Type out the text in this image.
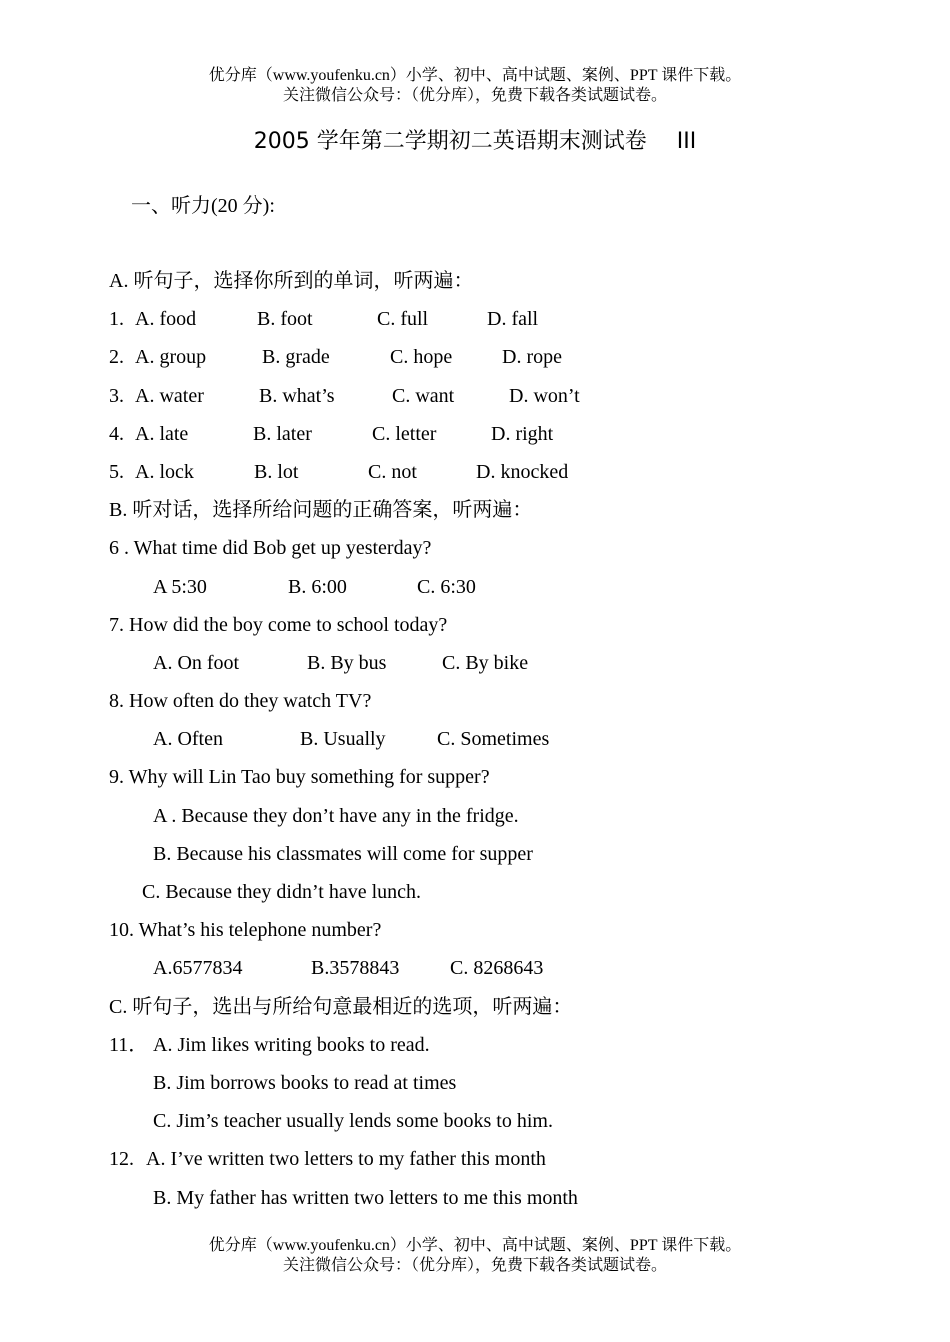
优分库（www.youfenku.cn）小学、初中、高中试题、案例、PPT 课件下载。
关注微信公众号：（优分库），免费下载各类试题试卷。
2005 学年第二学期初二英语期末测试卷 III
一、听力(20 分):
A. 听句子，选择你所到的单词，听两遍：
1. A. food	B. foot	C. full	D. fall
2. A. group	B. grade	C. hope D. rope
3. A. water	B. what’s	C. want	D. won’t
4. A. late	B. later	C. letter	D. right
5. A. lock	B. lot	C. not	D. knocked
B. 听对话，选择所给问题的正确答案，听两遍：
6 . What time did Bob get up yesterday?
A 5:30	B. 6:00	C. 6:30
7. How did the boy come to school today?
A. On foot	B. By bus	C. By bike
8. How often do they watch TV?
A. Often	B. Usually	C. Sometimes
9. Why will Lin Tao buy something for supper?
A . Because they don’t have any in the fridge.
B. Because his classmates will come for supper
C. Because they didn’t have lunch.
10. What’s his telephone number?
A.6577834	B.3578843	C. 8268643
C. 听句子，选出与所给句意最相近的选项，听两遍：
11． A. Jim likes writing books to read.
B. Jim borrows books to read at times
C. Jim’s teacher usually lends some books to him.
12. A. I’ve written two letters to my father this month
B. My father has written two letters to me this month
优分库（www.youfenku.cn）小学、初中、高中试题、案例、PPT 课件下载。
关注微信公众号：（优分库），免费下载各类试题试卷。
